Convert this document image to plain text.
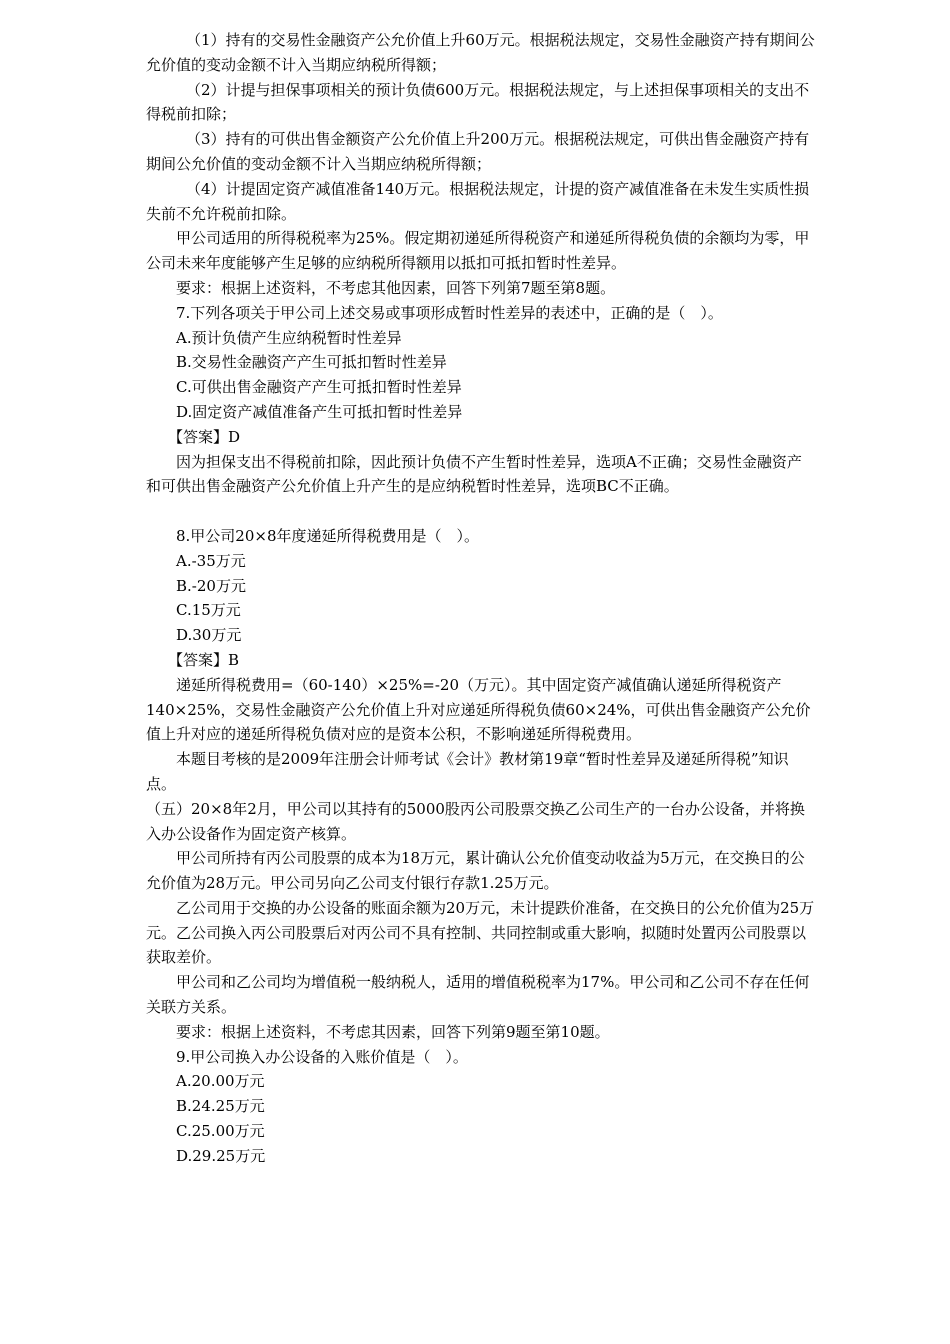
（1）持有的交易性金融资产公允价值上升60万元。根据税法规定，交易性金融资产持有期间公允价值的变动金额不计入当期应纳税所得额；

（2）计提与担保事项相关的预计负债600万元。根据税法规定，与上述担保事项相关的支出不得税前扣除；

（3）持有的可供出售金额资产公允价值上升200万元。根据税法规定，可供出售金融资产持有期间公允价值的变动金额不计入当期应纳税所得额；

（4）计提固定资产减值准备140万元。根据税法规定，计提的资产减值准备在未发生实质性损失前不允许税前扣除。

甲公司适用的所得税税率为25%。假定期初递延所得税资产和递延所得税负债的余额均为零，甲公司未来年度能够产生足够的应纳税所得额用以抵扣可抵扣暂时性差异。

要求：根据上述资料，不考虑其他因素，回答下列第7题至第8题。

7.下列各项关于甲公司上述交易或事项形成暂时性差异的表述中，正确的是（　）。

A.预计负债产生应纳税暂时性差异

B.交易性金融资产产生可抵扣暂时性差异

C.可供出售金融资产产生可抵扣暂时性差异

D.固定资产减值准备产生可抵扣暂时性差异

【答案】D

因为担保支出不得税前扣除，因此预计负债不产生暂时性差异，选项A不正确；交易性金融资产和可供出售金融资产公允价值上升产生的是应纳税暂时性差异，选项BC不正确。

8.甲公司20×8年度递延所得税费用是（　）。

A.-35万元

B.-20万元

C.15万元

D.30万元

【答案】B

递延所得税费用=（60-140）×25%=-20（万元）。其中固定资产减值确认递延所得税资产140×25%，交易性金融资产公允价值上升对应递延所得税负债60×24%，可供出售金融资产公允价值上升对应的递延所得税负债对应的是资本公积，不影响递延所得税费用。

本题目考核的是2009年注册会计师考试《会计》教材第19章“暂时性差异及递延所得税”知识点。

（五）20×8年2月，甲公司以其持有的5000股丙公司股票交换乙公司生产的一台办公设备，并将换入办公设备作为固定资产核算。

甲公司所持有丙公司股票的成本为18万元，累计确认公允价值变动收益为5万元，在交换日的公允价值为28万元。甲公司另向乙公司支付银行存款1.25万元。

乙公司用于交换的办公设备的账面余额为20万元，未计提跌价准备，在交换日的公允价值为25万元。乙公司换入丙公司股票后对丙公司不具有控制、共同控制或重大影响，拟随时处置丙公司股票以获取差价。

甲公司和乙公司均为增值税一般纳税人，适用的增值税税率为17%。甲公司和乙公司不存在任何关联方关系。

要求：根据上述资料，不考虑其因素，回答下列第9题至第10题。

9.甲公司换入办公设备的入账价值是（　）。

A.20.00万元

B.24.25万元

C.25.00万元

D.29.25万元
